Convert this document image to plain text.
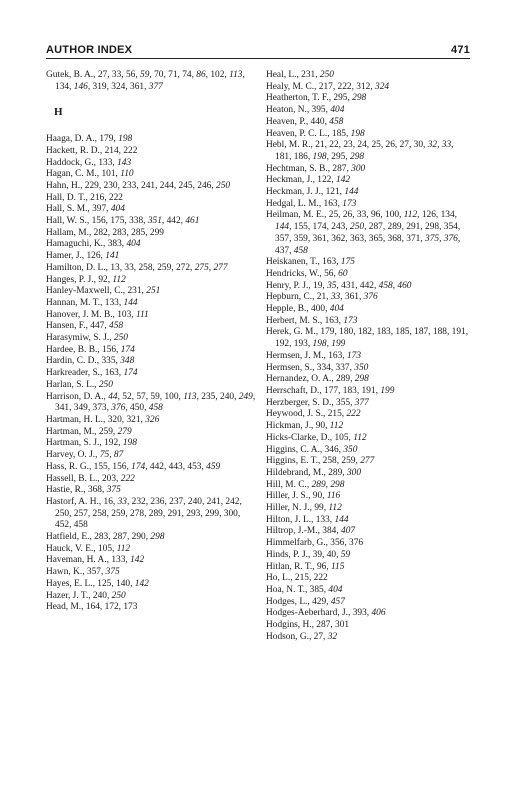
AUTHOR INDEX	471

Gutek, B. A., 27, 33, 56, 59, 70, 71, 74, 86, 102, 113, 134, 146, 319, 324, 361, 377

H

Haaga, D. A., 179, 198

Hackett, R. D., 214, 222

Haddock, G., 133, 143

Hagan, C. M., 101, 110

Hahn, H., 229, 230, 233, 241, 244, 245, 246, 250

Hall, D. T., 216, 222

Hall, S. M., 397, 404

Hall, W. S., 156, 175, 338, 351, 442, 461

Hallam, M., 282, 283, 285, 299

Hamaguchi, K., 383, 404

Hamer, J., 126, 141

Hamilton, D. L., 13, 33, 258, 259, 272, 275, 277

Hanges, P. J., 92, 112

Hanley-Maxwell, C., 231, 251

Hannan, M. T., 133, 144

Hanover, J. M. B., 103, 111

Hansen, F., 447, 458

Harasymiw, S. J., 250

Hardee, B. B., 156, 174

Hardin, C. D., 335, 348

Harkreader, S., 163, 174

Harlan, S. L., 250

Harrison, D. A., 44, 52, 57, 59, 100, 113, 235, 240, 249, 341, 349, 373, 376, 450, 458

Hartman, H. L., 320, 321, 326

Hartman, M., 259, 279

Hartman, S. J., 192, 198

Harvey, O. J., 75, 87

Hass, R. G., 155, 156, 174, 442, 443, 453, 459

Hassell, B. L., 203, 222

Hastie, R., 368, 375

Hastorf, A. H., 16, 33, 232, 236, 237, 240, 241, 242, 250, 257, 258, 259, 278, 289, 291, 293, 299, 300, 452, 458

Hatfield, E., 283, 287, 290, 298

Hauck, V. E., 105, 112

Haveman, H. A., 133, 142

Hawn, K., 357, 375

Hayes, E. L., 125, 140, 142

Hazer, J. T., 240, 250

Head, M., 164, 172, 173

Heal, L., 231, 250

Healy, M. C., 217, 222, 312, 324

Heatherton, T. F., 295, 298

Heaton, N., 395, 404

Heaven, P., 440, 458

Heaven, P. C. L., 185, 198

Hebl, M. R., 21, 22, 23, 24, 25, 26, 27, 30, 32, 33, 181, 186, 198, 295, 298

Hechtman, S. B., 287, 300

Heckman, J., 122, 142

Heckman, J. J., 121, 144

Hedgal, L. M., 163, 173

Heilman, M. E., 25, 26, 33, 96, 100, 112, 126, 134, 144, 155, 174, 243, 250, 287, 289, 291, 298, 354, 357, 359, 361, 362, 363, 365, 368, 371, 375, 376, 437, 458

Heiskanen, T., 163, 175

Hendricks, W., 56, 60

Henry, P. J., 19, 35, 431, 442, 458, 460

Hepburn, C., 21, 33, 361, 376

Hepple, B., 400, 404

Herbert, M. S., 163, 173

Herek, G. M., 179, 180, 182, 183, 185, 187, 188, 191, 192, 193, 198, 199

Hermsen, J. M., 163, 173

Hermsen, S., 334, 337, 350

Hernandez, O. A., 289, 298

Herrschaft, D., 177, 183, 191, 199

Herzberger, S. D., 355, 377

Heywood, J. S., 215, 222

Hickman, J., 90, 112

Hicks-Clarke, D., 105, 112

Higgins, C. A., 346, 350

Higgins, E. T., 258, 259, 277

Hildebrand, M., 289, 300

Hill, M. C., 289, 298

Hiller, J. S., 90, 116

Hiller, N. J., 99, 112

Hilton, J. L., 133, 144

Hiltrop, J.-M., 384, 407

Himmelfarb, G., 356, 376

Hinds, P. J., 39, 40, 59

Hitlan, R. T., 96, 115

Ho, L., 215, 222

Hoa, N. T., 385, 404

Hodges, L., 429, 457

Hodges-Aeberhard, J., 393, 406

Hodgins, H., 287, 301

Hodson, G., 27, 32
